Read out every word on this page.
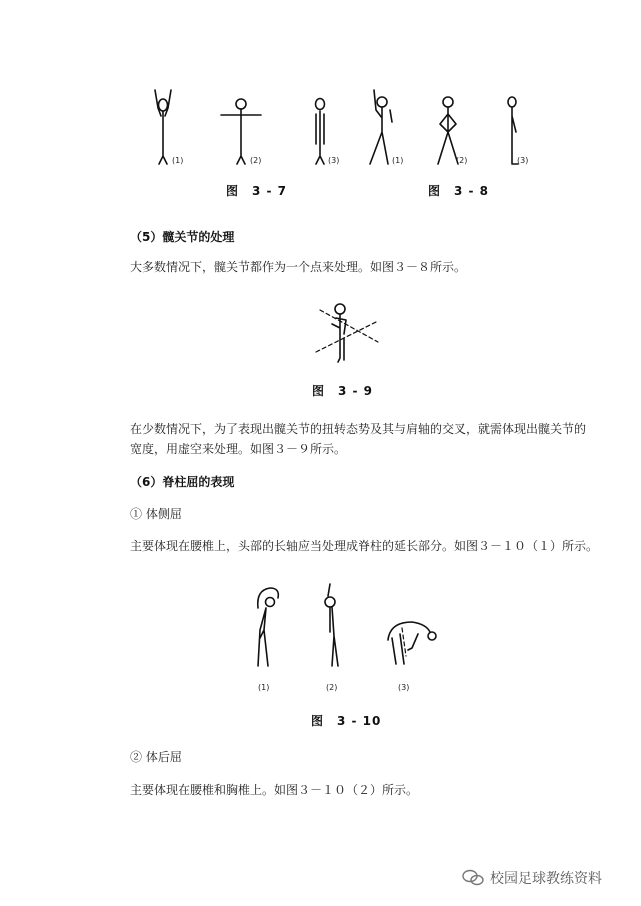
(1)	(2)	(3)
图　3 - 7
(1)	(2)	(3)
图　3 - 8
（5）髋关节的处理
大多数情况下，髋关节都作为一个点来处理。如图３－８所示。
图　3 - 9
在少数情况下，为了表现出髋关节的扭转态势及其与肩轴的交叉，就需体现出髋关节的
宽度，用虚空来处理。如图３－９所示。
（6）脊柱屈的表现
① 体侧屈
主要体现在腰椎上，头部的长轴应当处理成脊柱的延长部分。如图３－１０（１）所示。
(1)	(2)	(3)
图　3 - 10
② 体后屈
主要体现在腰椎和胸椎上。如图３－１０（２）所示。
校园足球教练资料
